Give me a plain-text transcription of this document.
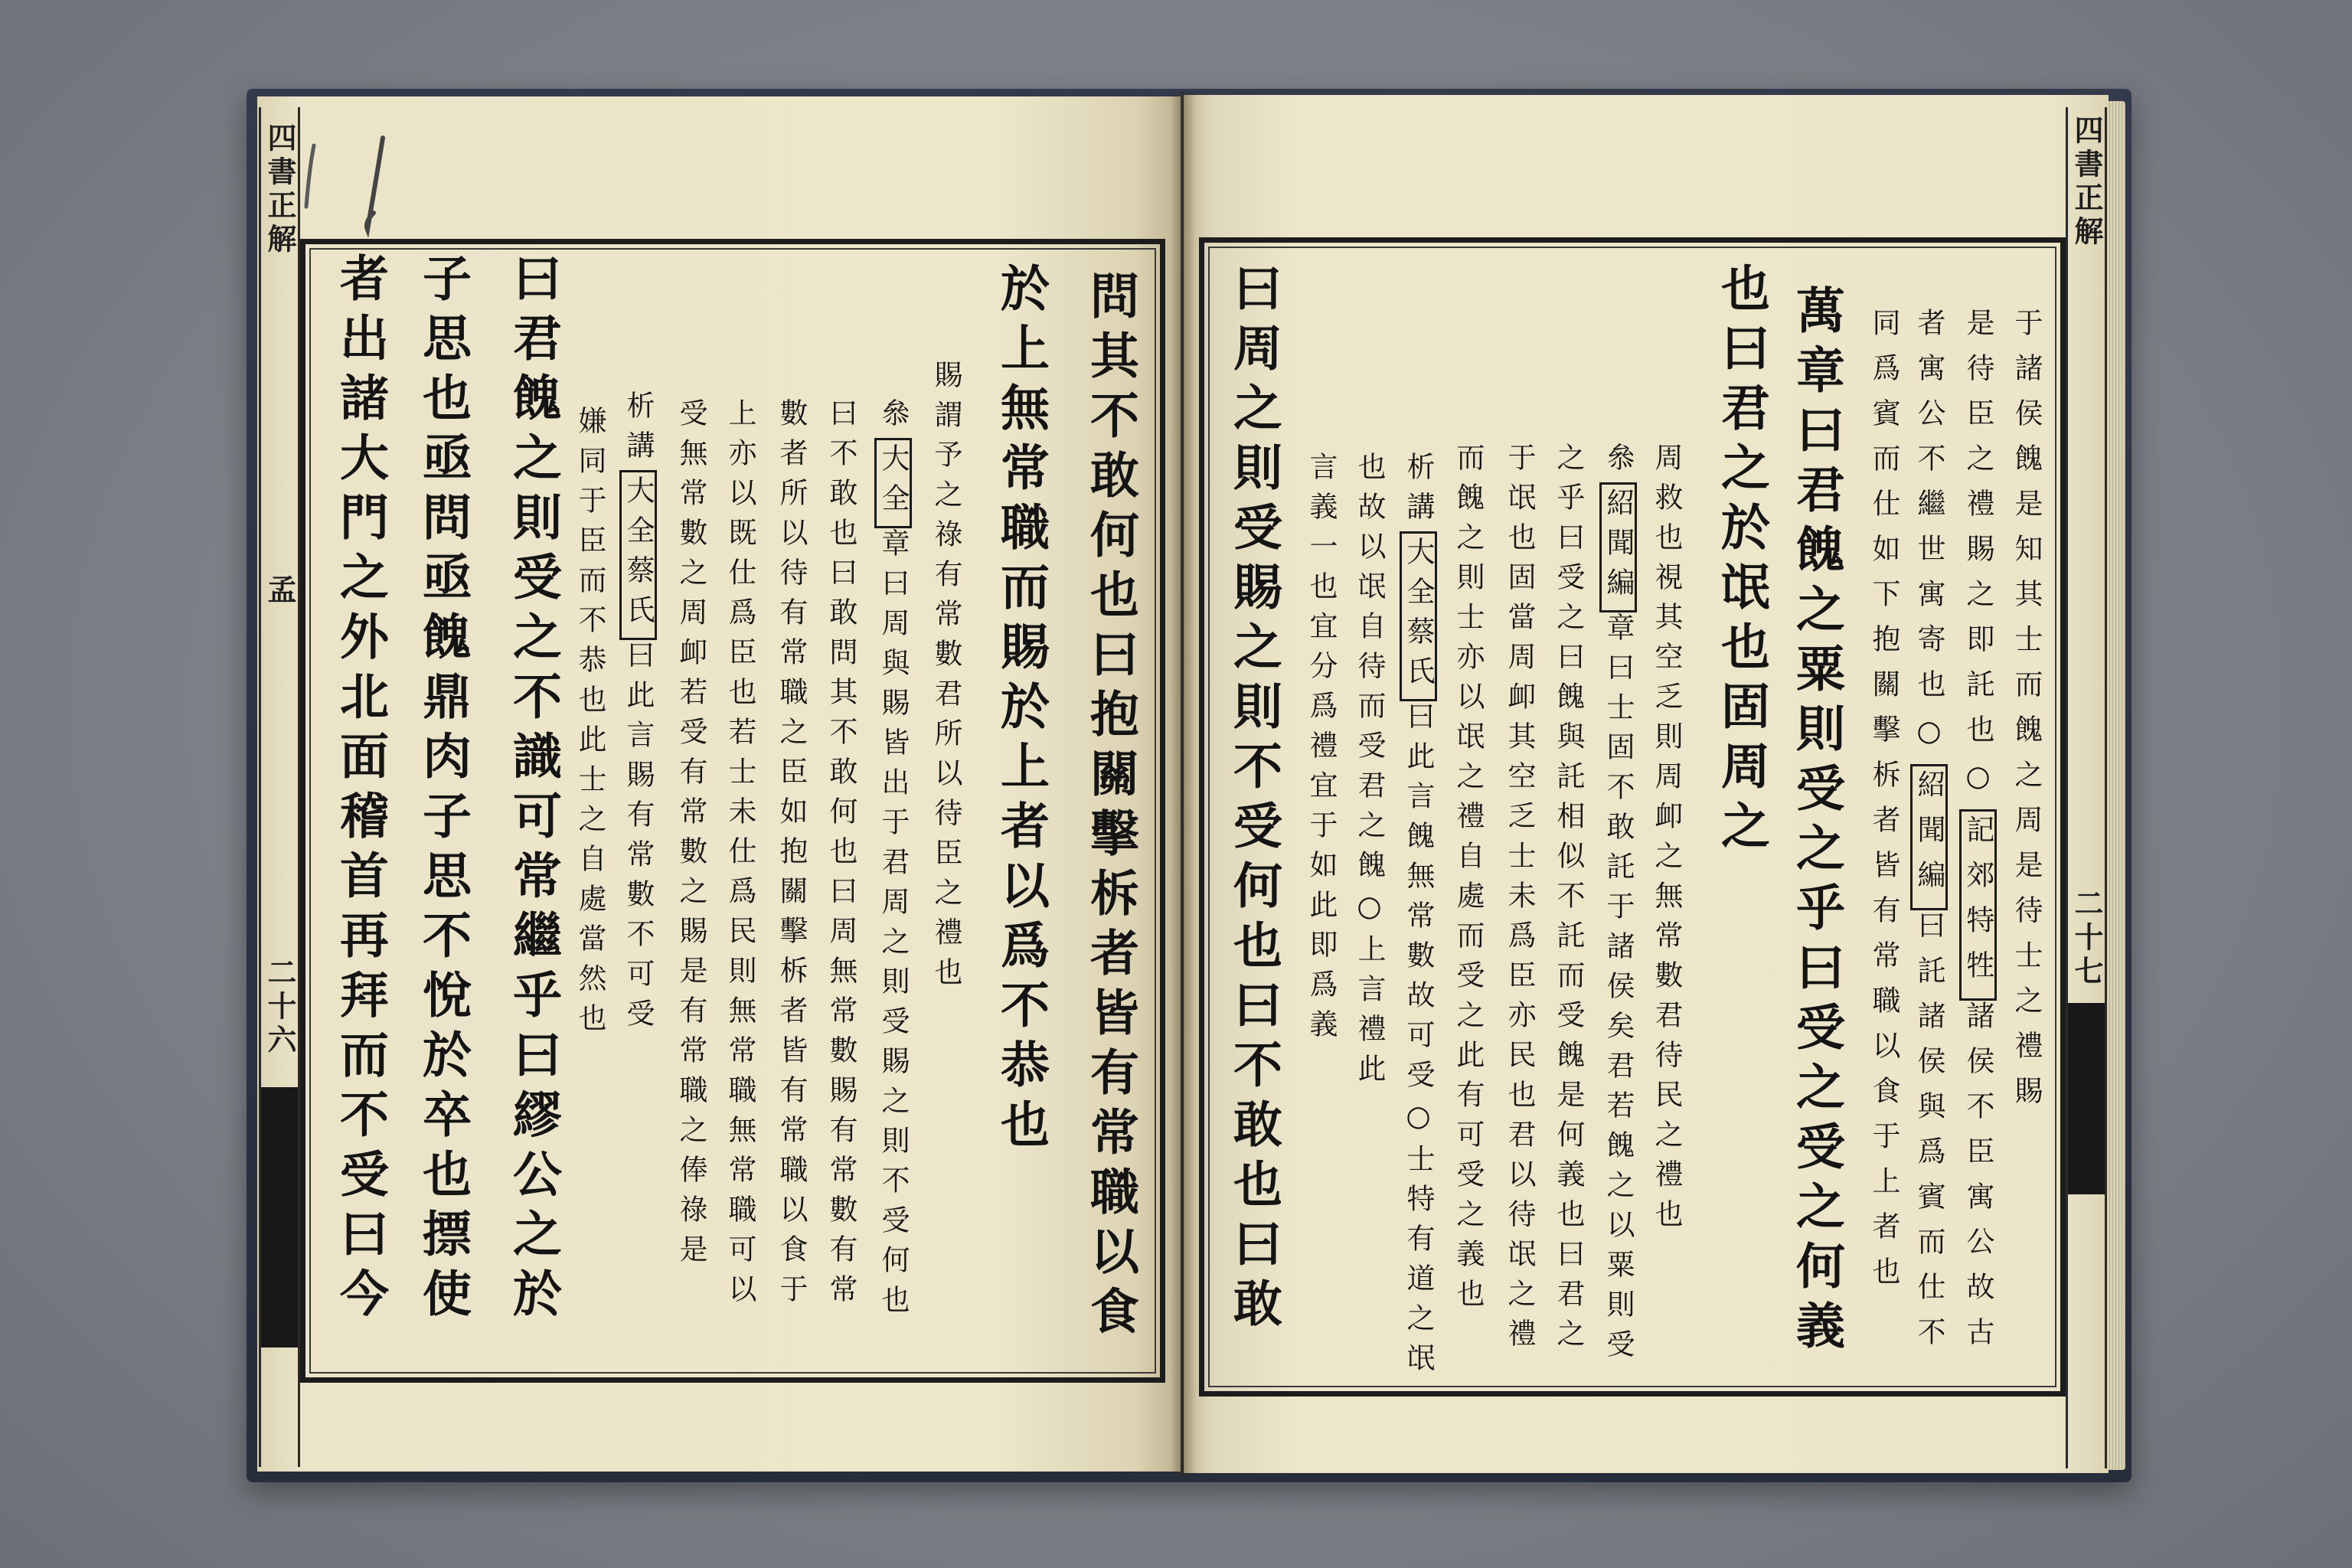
四書正解
孟
二十六
四書正解
二十七
問其不敢何也曰抱關擊柝者皆有常職以食
於上無常職而賜於上者以爲不恭也
賜謂予之祿有常數君所以待臣之禮也
叅大全章曰周與賜皆出于君周之則受賜之則不受何也
曰不敢也曰敢問其不敢何也曰周無常數賜有常數有常
數者所以待有常職之臣如抱關擊柝者皆有常職以食于
上亦以既仕爲臣也若士未仕爲民則無常職無常職可以
受無常數之周卹若受有常數之賜是有常職之俸祿是
析講大全蔡氏曰此言賜有常數不可受
嫌同于臣而不恭也此士之自處當然也
曰君餽之則受之不識可常繼乎曰繆公之於
子思也亟問亟餽鼎肉子思不悅於卒也摽使
者出諸大門之外北面稽首再拜而不受曰今	于諸侯餽是知其士而餽之周是待士之禮賜
是待臣之禮賜之即託也○記郊特牲諸侯不臣寓公故古
者寓公不繼世寓寄也○紹聞編曰託諸侯與爲賓而仕不
同爲賓而仕如下抱關擊柝者皆有常職以食于上者也
萬章曰君餽之粟則受之乎曰受之受之何義
也曰君之於氓也固周之
周救也視其空乏則周卹之無常數君待民之禮也
叅紹聞編章曰士固不敢託于諸侯矣君若餽之以粟則受
之乎曰受之曰餽與託相似不託而受餽是何義也曰君之
于氓也固當周卹其空乏士未爲臣亦民也君以待氓之禮
而餽之則士亦以氓之禮自處而受之此有可受之義也
析講大全蔡氏曰此言餽無常數故可受○士特有道之氓
也故以氓自待而受君之餽○上言禮此
言義一也宜分爲禮宜于如此即爲義
曰周之則受賜之則不受何也曰不敢也曰敢
